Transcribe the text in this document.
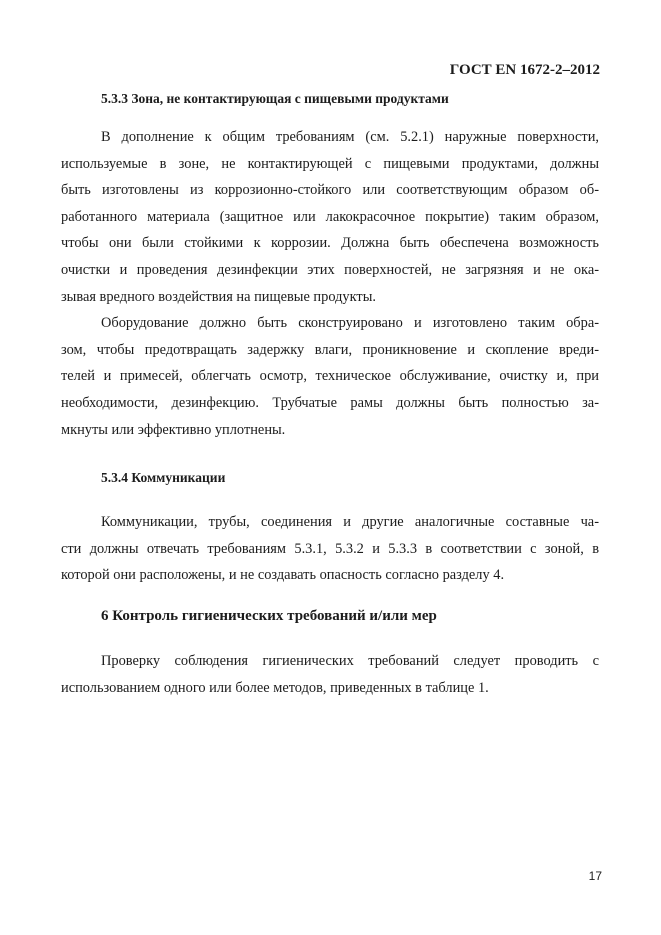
ГОСТ EN 1672-2–2012
5.3.3 Зона, не контактирующая с пищевыми продуктами
В дополнение к общим требованиям (см. 5.2.1) наружные поверхности,
используемые в зоне, не контактирующей с пищевыми продуктами, должны
быть изготовлены из коррозионно-стойкого или соответствующим образом об-
работанного материала (защитное или лакокрасочное покрытие) таким образом,
чтобы они были стойкими к коррозии. Должна быть обеспечена возможность
очистки и проведения дезинфекции этих поверхностей, не загрязняя и не ока-
зывая вредного воздействия на пищевые продукты.
Оборудование должно быть сконструировано и изготовлено таким обра-
зом, чтобы предотвращать задержку влаги, проникновение и скопление вреди-
телей и примесей, облегчать осмотр, техническое обслуживание, очистку и, при
необходимости, дезинфекцию. Трубчатые рамы должны быть полностью за-
мкнуты или эффективно уплотнены.
5.3.4 Коммуникации
Коммуникации, трубы, соединения и другие аналогичные составные ча-
сти должны отвечать требованиям 5.3.1, 5.3.2 и 5.3.3 в соответствии с зоной, в
которой они расположены, и не создавать опасность согласно разделу 4.
6 Контроль гигиенических требований и/или мер
Проверку соблюдения гигиенических требований следует проводить с
использованием одного или более методов, приведенных в таблице 1.
17
